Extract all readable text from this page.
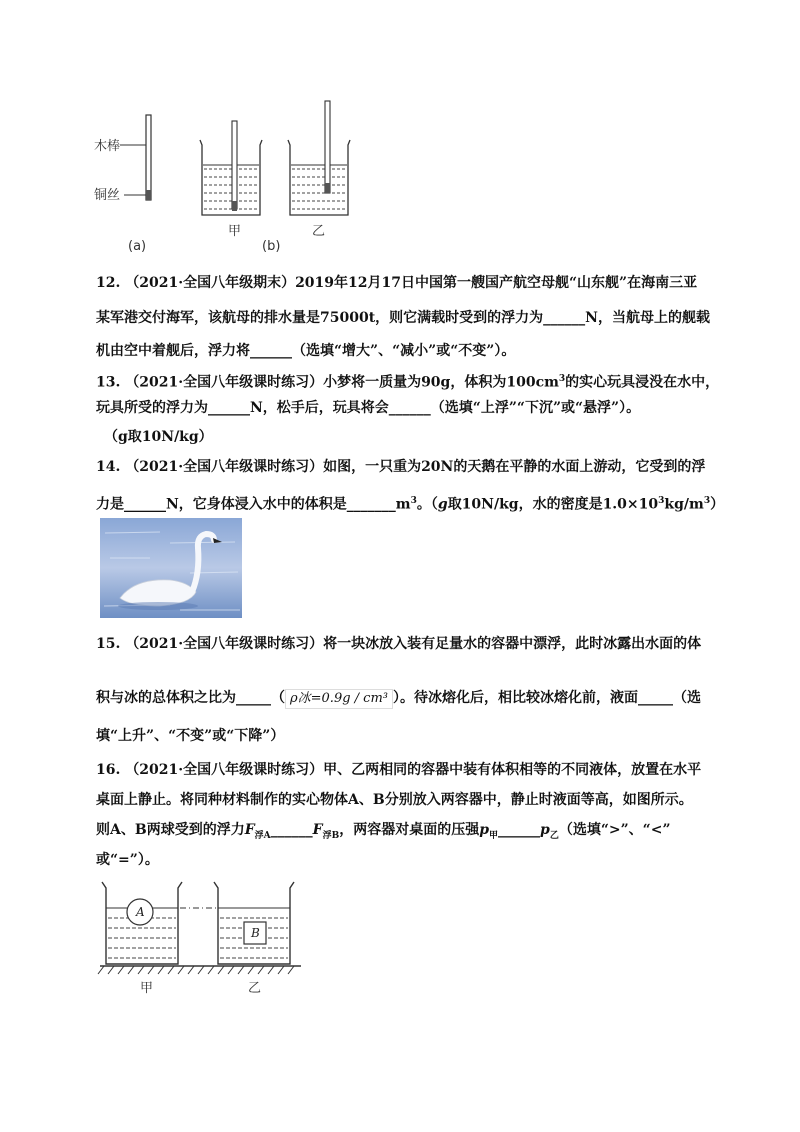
木棒
铜丝
(a)
甲
(b)
乙
12. （2021·全国八年级期末）2019年12月17日中国第一艘国产航空母舰“山东舰”在海南三亚
某军港交付海军，该航母的排水量是75000t，则它满载时受到的浮力为______N，当航母上的舰载
机由空中着舰后，浮力将______（选填“增大”、“减小”或“不变”）。
13. （2021·全国八年级课时练习）小梦将一质量为90g，体积为$100cm^3$的实心玩具浸没在水中，
玩具所受的浮力为______N，松手后，玩具将会______（选填“上浮”“下沉”或“悬浮”）。
（g取10N/kg）
14. （2021·全国八年级课时练习）如图，一只重为20N的天鹅在平静的水面上游动，它受到的浮
力是______N，它身体浸入水中的体积是$\_\_\_\_\_\_\_m^3$。（g取10N/kg，水的密度是$1.0\times 10^3kg/m^3$）
15. （2021·全国八年级课时练习）将一块冰放入装有足量水的容器中漂浮，此时冰露出水面的体
积与冰的总体积之比为_____（ ρ冰=0.9g / cm³ ）。待冰熔化后，相比较冰熔化前，液面_____（选
填“上升”、“不变”或“下降”）
16. （2021·全国八年级课时练习）甲、乙两相同的容器中装有体积相等的不同液体，放置在水平
桌面上静止。将同种材料制作的实心物体A、B分别放入两容器中，静止时液面等高，如图所示。
则A、B两球受到的浮力$F_{浮A}\_\_\_\_\_\_F_{浮B}$，两容器对桌面的压强$p_甲\_\_\_\_\_\_p_乙$（选填“>”、“<”
或“=”）。
A
B
甲	乙
